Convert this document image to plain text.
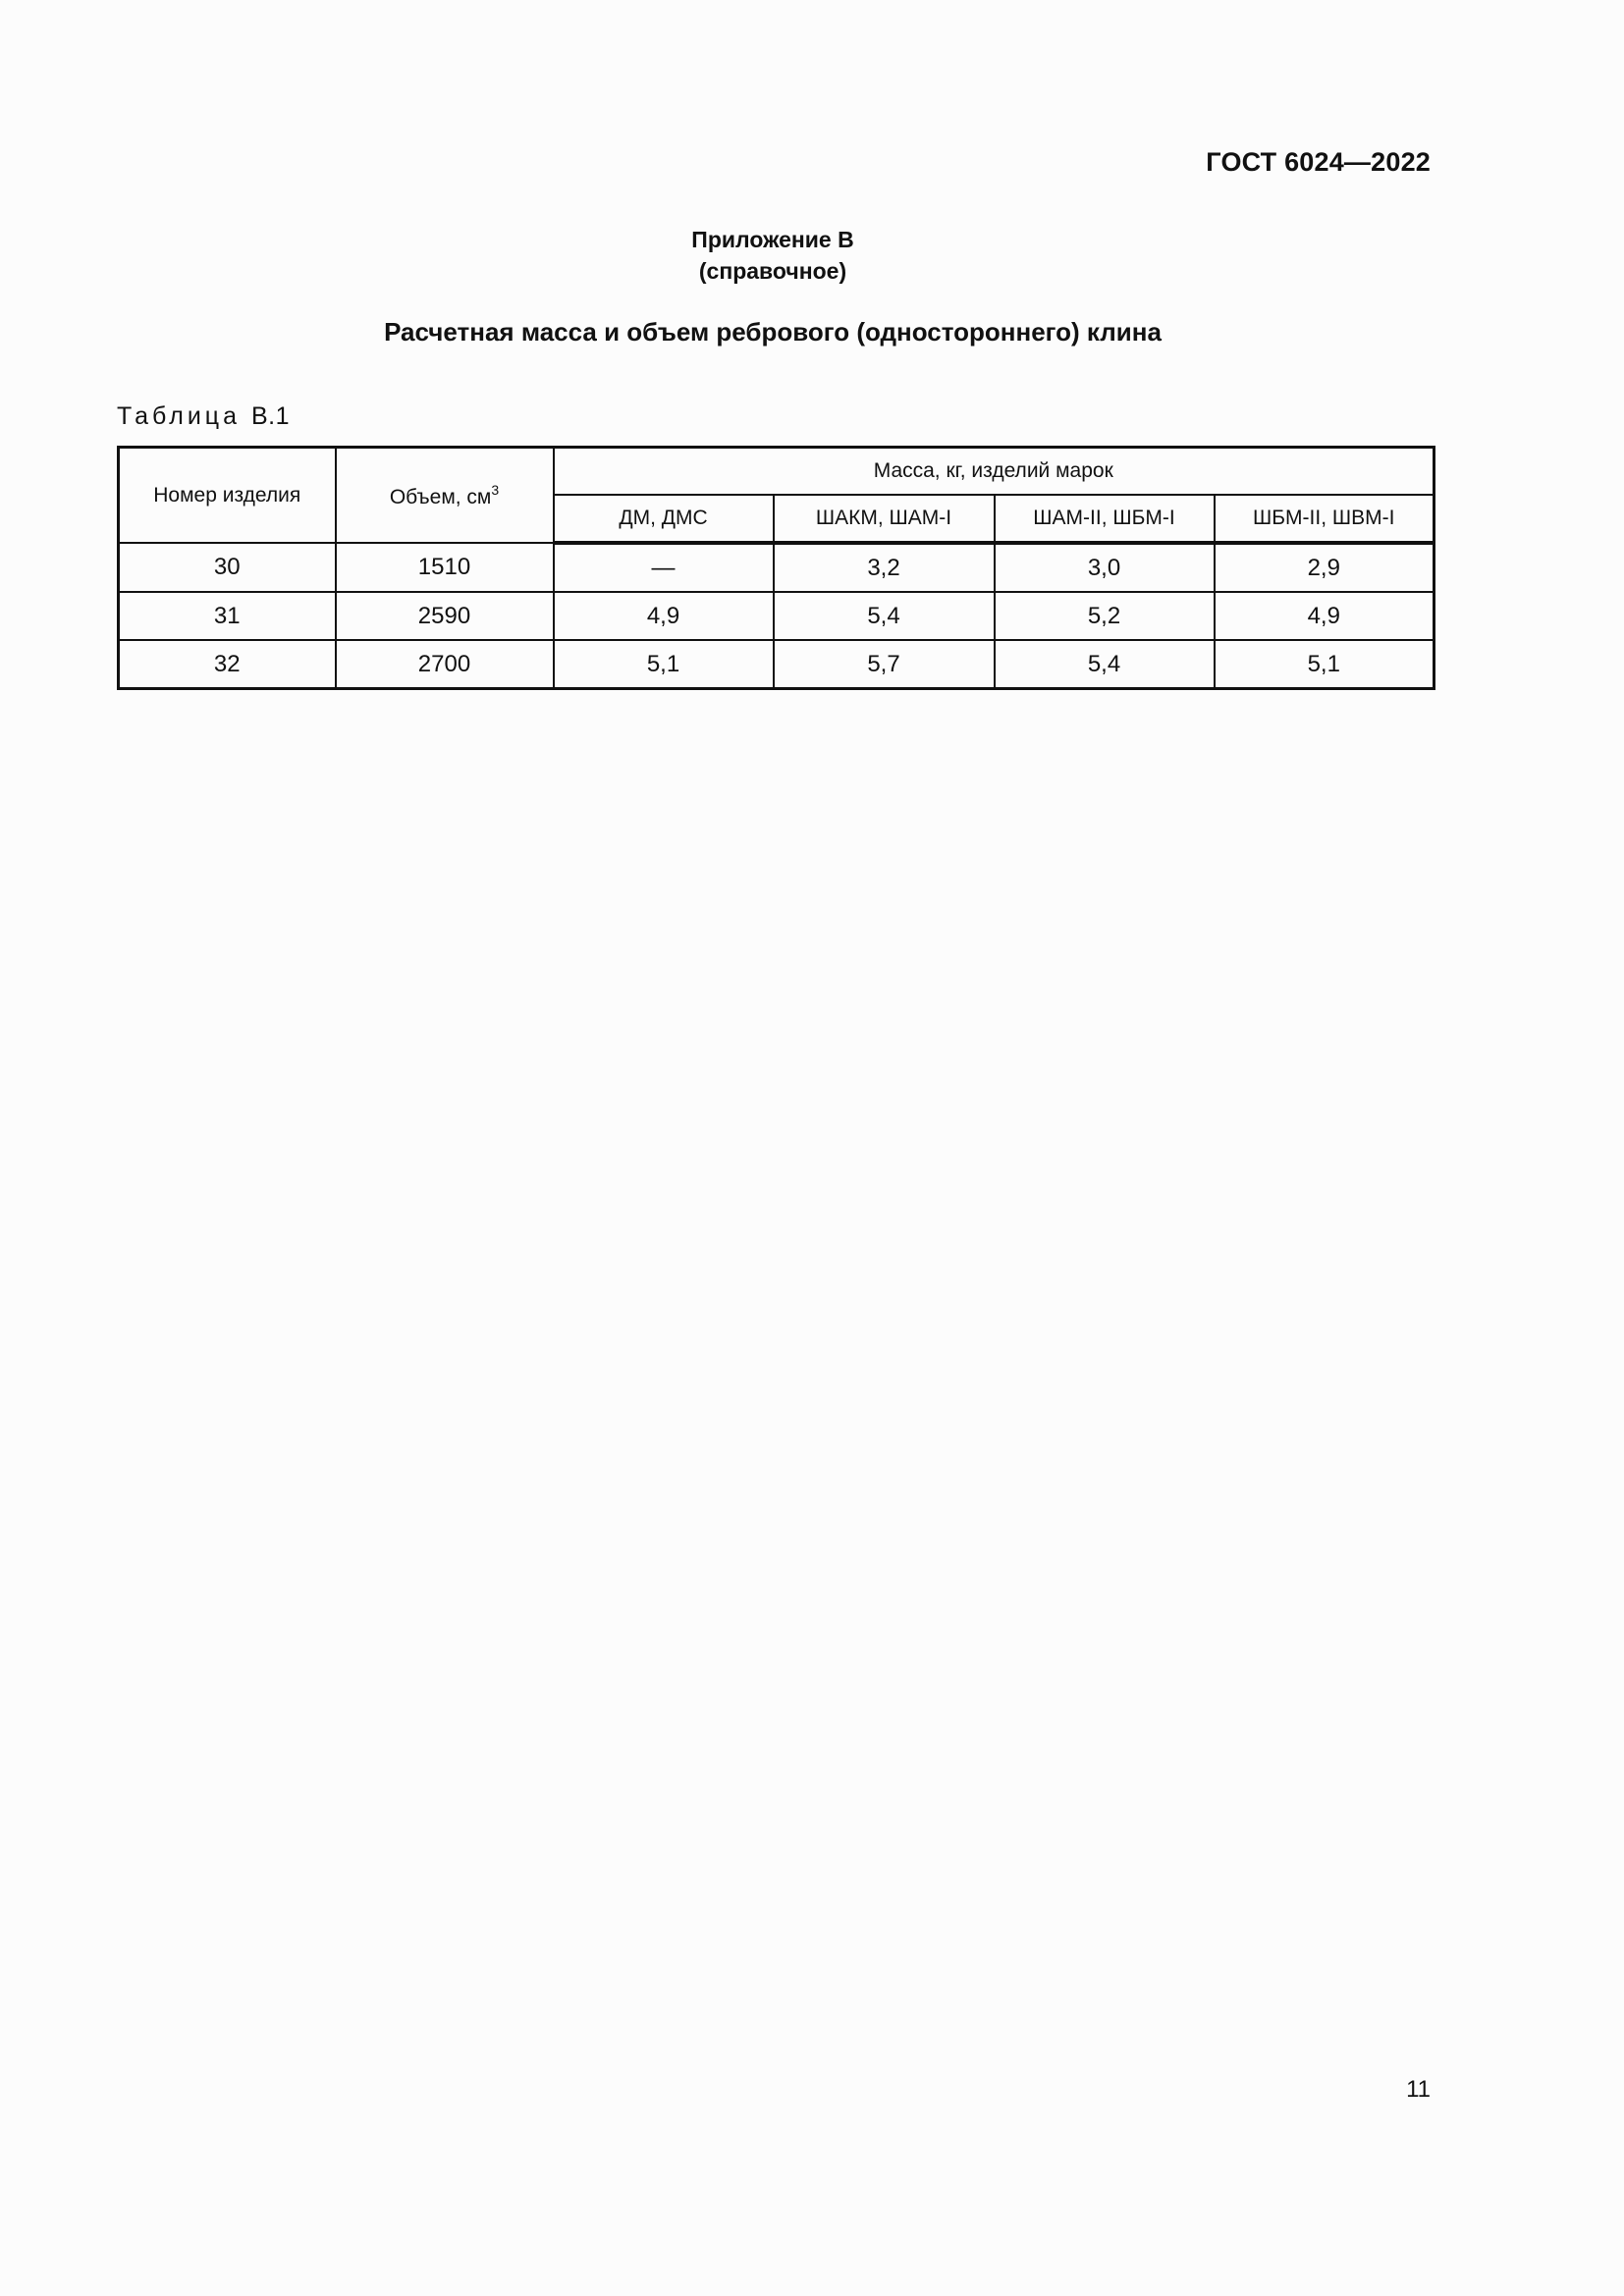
ГОСТ 6024—2022
Приложение В
(справочное)
Расчетная масса и объем ребрового (одностороннего) клина
Таблица В.1
Номер изделия	Объем, $см^3$	Масса, кг, изделий марок			
		ДМ, ДМС	ШАКМ, ШАМ-I	ШАМ-II, ШБМ-I	ШБМ-II, ШВМ-I
30	1510	—	3,2	3,0	2,9
31	2590	4,9	5,4	5,2	4,9
32	2700	5,1	5,7	5,4	5,1
11
